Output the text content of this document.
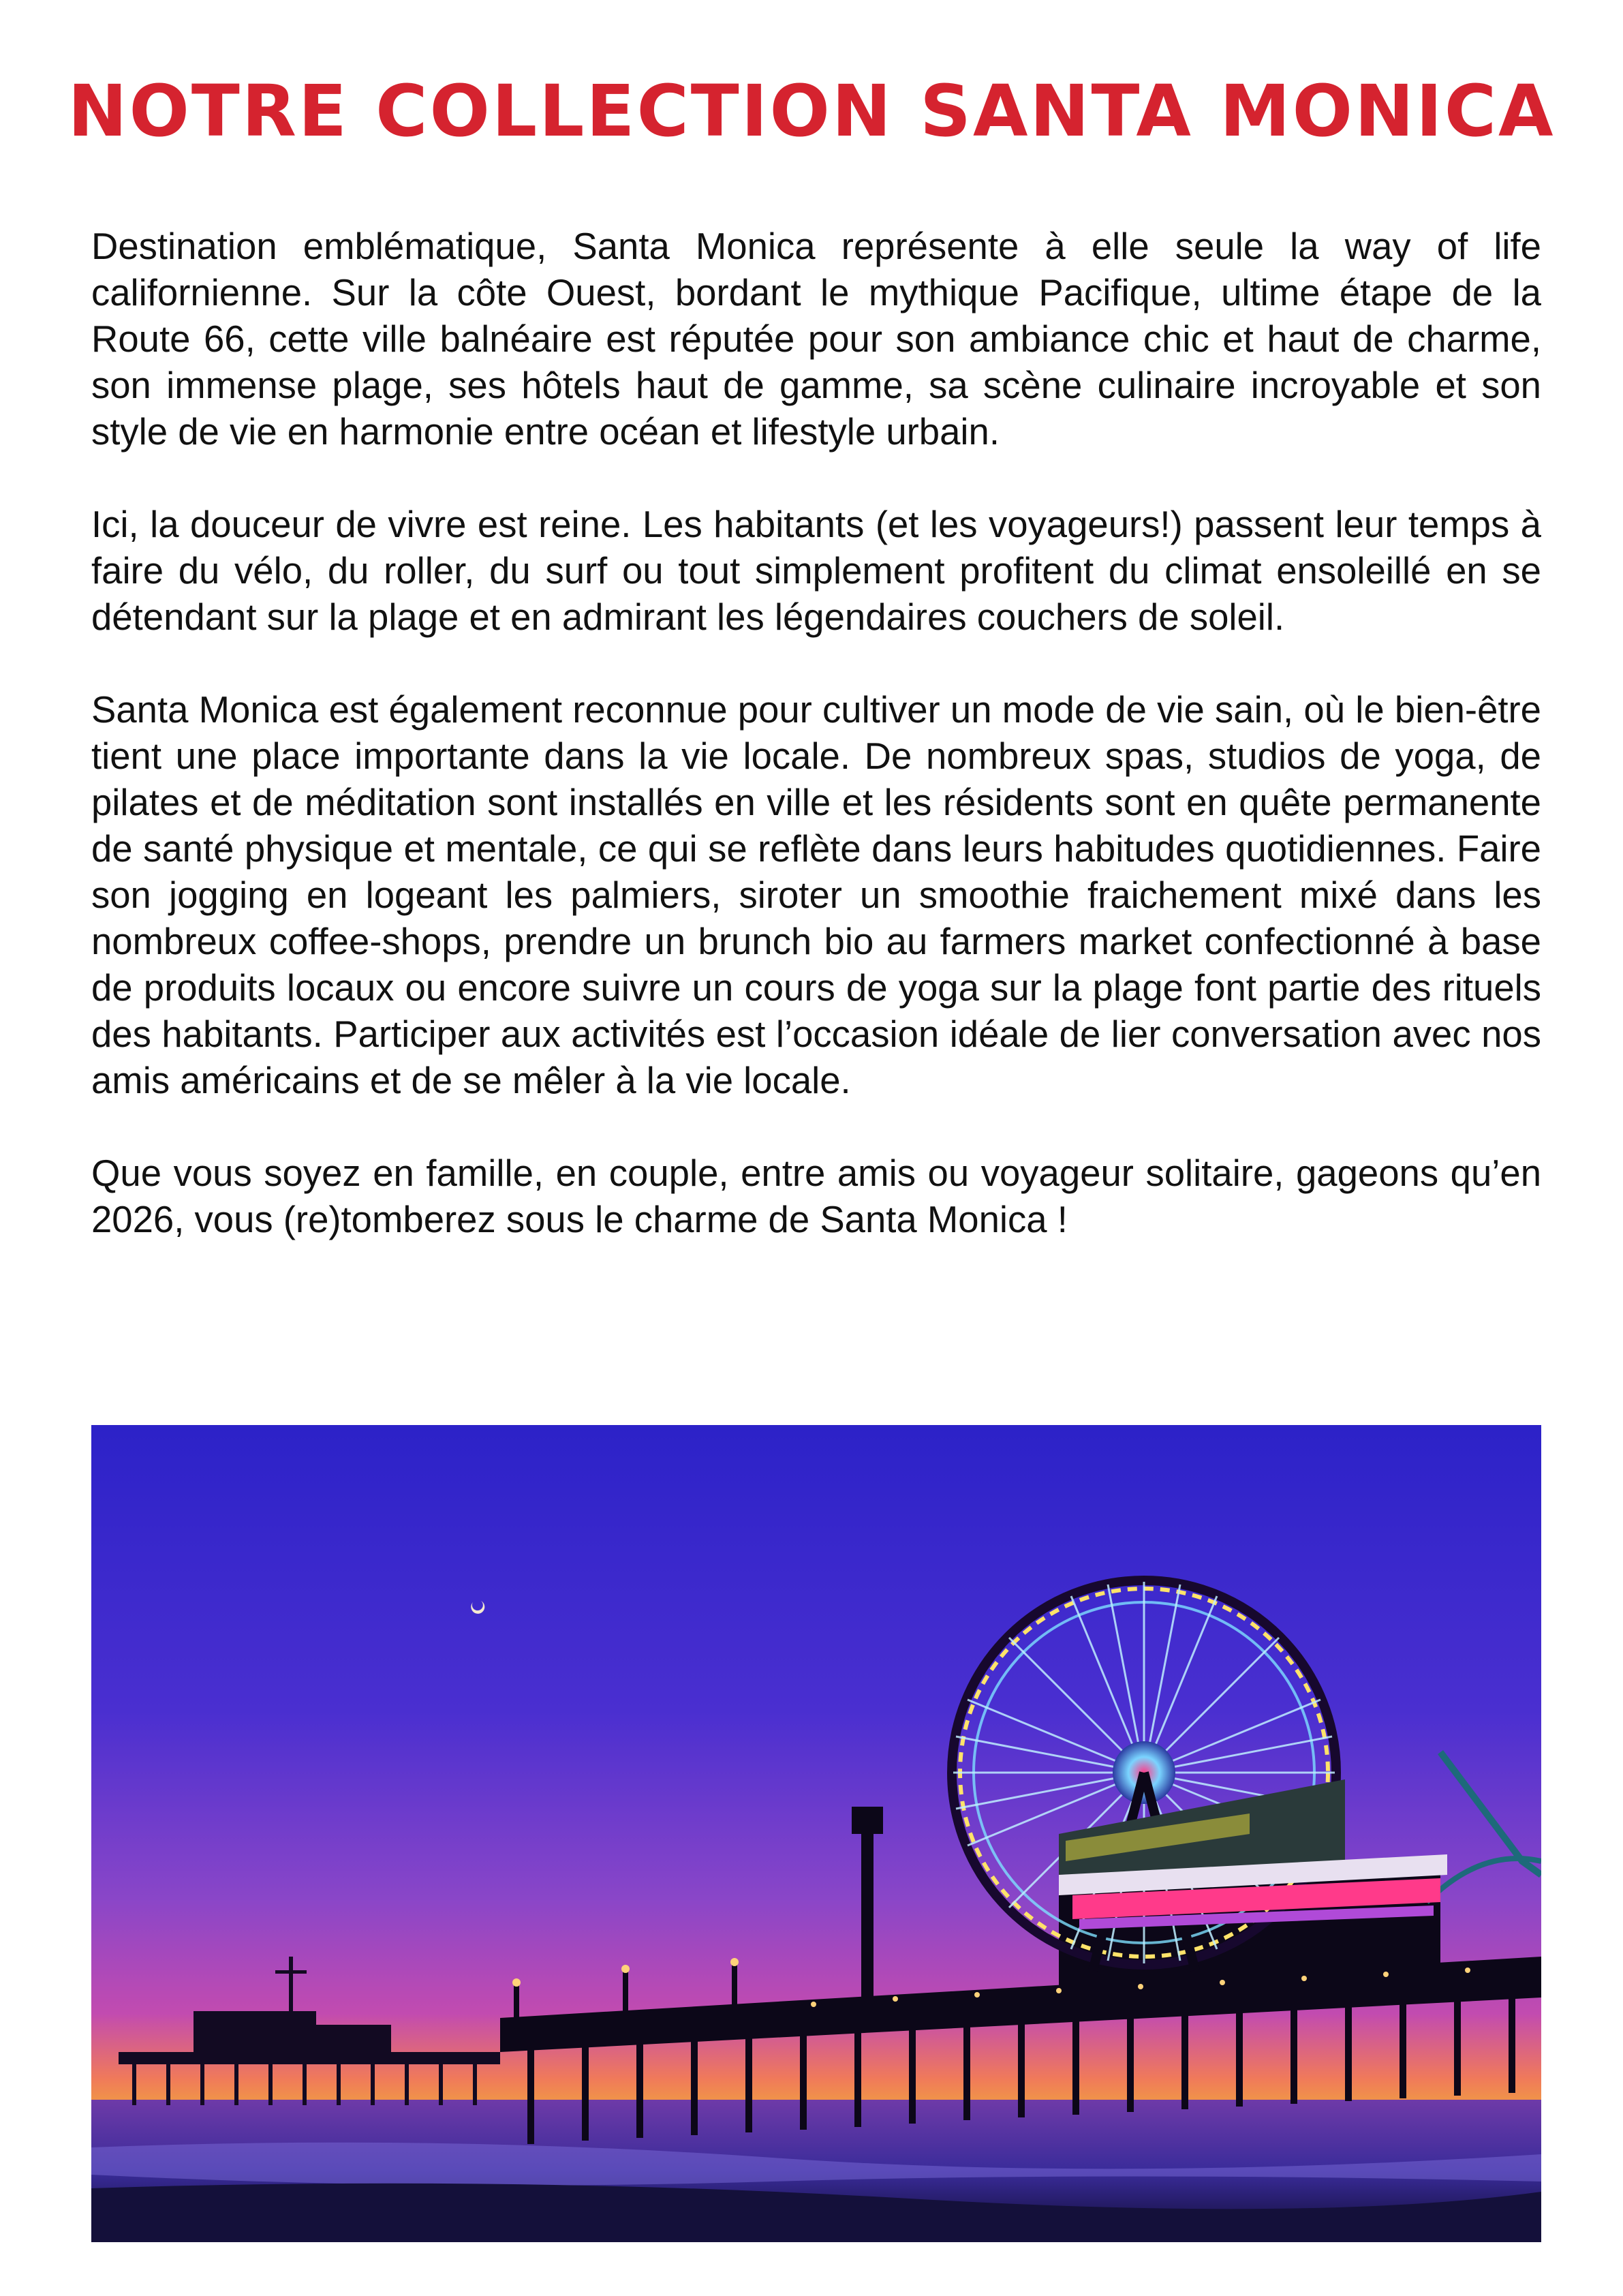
NOTRE COLLECTION SANTA MONICA

Destination emblématique, Santa Monica représente à elle seule la way of life californienne. Sur la côte Ouest, bordant le mythique Pacifique, ultime étape de la Route 66, cette ville balnéaire est réputée pour son ambiance chic et haut de charme, son immense plage, ses hôtels haut de gamme, sa scène culinaire incroyable et son style de vie en harmonie entre océan et lifestyle urbain.

Ici, la douceur de vivre est reine. Les habitants (et les voyageurs!) passent leur temps à faire du vélo, du roller, du surf ou tout simplement profitent du climat ensoleillé en se détendant sur la plage et en admirant les légendaires couchers de soleil.

Santa Monica est également reconnue pour cultiver un mode de vie sain, où le bien-être tient une place importante dans la vie locale. De nombreux spas, studios de yoga, de pilates et de méditation sont installés en ville et les résidents sont en quête permanente de santé physique et mentale, ce qui se reflète dans leurs habitudes quotidiennes. Faire son jogging en logeant les palmiers, siroter un smoothie fraichement mixé dans les nombreux coffee-shops, prendre un brunch bio au farmers market confectionné à base de produits locaux ou encore suivre un cours de yoga sur la plage font partie des rituels des habitants. Participer aux activités est l’occasion idéale de lier conversation avec nos amis américains et de se mêler à la vie locale.

Que vous soyez en famille, en couple, entre amis ou voyageur solitaire, gageons qu’en 2026, vous (re)tomberez sous le charme de Santa Monica !
